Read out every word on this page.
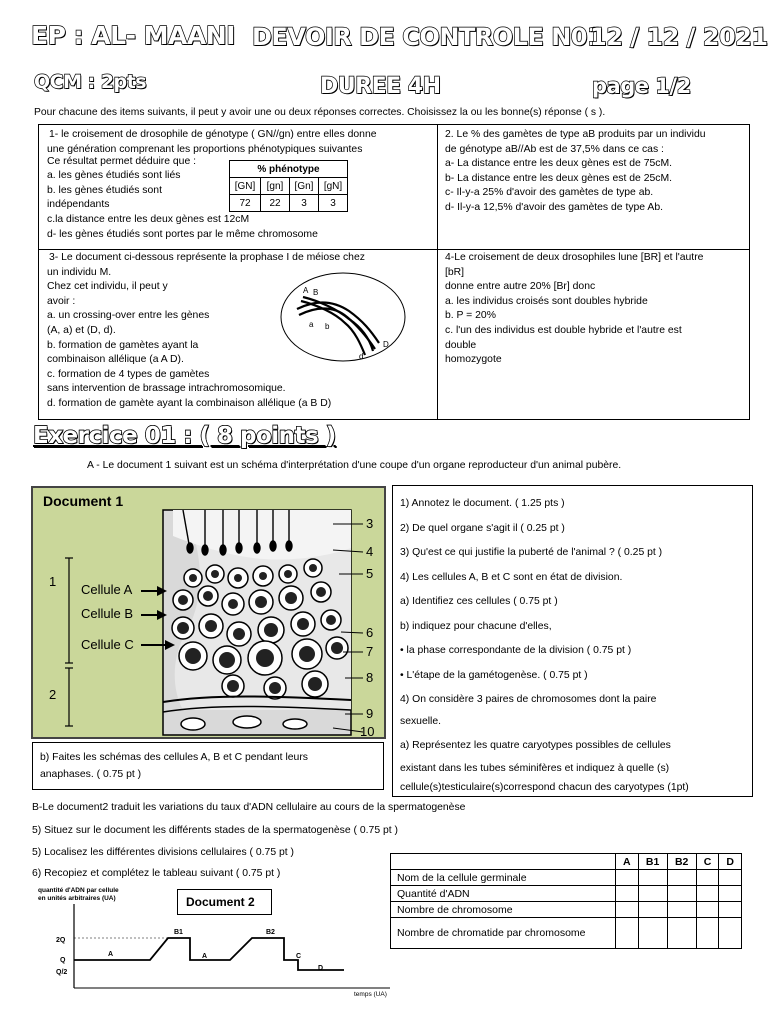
EP : AL- MAANI DEVOIR DE CONTROLE N01
12 / 12 / 2021
QCM : 2pts	DUREE 4H	page 1/2
Pour chacune des items suivants, il peut y avoir une ou deux réponses correctes. Choisissez la ou les bonne(s) réponse ( s ).
1- le croisement de drosophile de génotype ( GN//gn) entre elles donne
une génération comprenant les proportions phénotypiques suivantes
Ce résultat permet déduire que :
a. les gènes étudiés sont liés
b. les gènes étudiés sont
indépendants
c.la distance entre les deux gènes est 12cM
d- les gènes étudiés sont portes par le même chromosome
% phénotype			
[GN]	[gn]	[Gn]	[gN]
72	22	3	3
2. Le % des gamètes de type aB produits par un individu
de génotype aB//Ab est de 37,5% dans ce cas :
a- La distance entre les deux gènes est de 75cM.
b- La distance entre les deux gènes est de 25cM.
c- Il-y-a 25% d'avoir des gamètes de type ab.
d- Il-y-a 12,5% d'avoir des gamètes de type Ab.
3- Le document ci-dessous représente la prophase I de méiose chez
un individu M.
Chez cet individu, il peut y
avoir :
a. un crossing-over entre les gènes
(A, a) et (D, d).
b. formation de gamètes ayant la
combinaison allélique (a A D).
c. formation de 4 types de gamètes
sans intervention de brassage intrachromosomique.
d. formation de gamète ayant la combinaison allélique (a B D)
A B
a b
d
D
4-Le croisement de deux drosophiles lune [BR] et l'autre
[bR]
donne entre autre 20% [Br] donc
a. les individus croisés sont doubles hybride
b. P = 20%
c. l'un des individus est double hybride et l'autre est
double
homozygote
Exercice 01 : ( 8 points )
A - Le document 1 suivant est un schéma d'interprétation d'une coupe d'un organe reproducteur d'un animal pubère.
Document 1
Cellule A
Cellule B
Cellule C
1
2
3
4
5
6
7
8
9
10
1) Annotez le document. ( 1.25 pts )
2) De quel organe s'agit il ( 0.25 pt )
3) Qu'est ce qui justifie la puberté de l'animal ? ( 0.25 pt )
4) Les cellules A, B et C sont en état de division.
a) Identifiez ces cellules ( 0.75 pt )
b) indiquez pour chacune d'elles,
• la phase correspondante de la division ( 0.75 pt )
• L'étape de la gamétogenèse. ( 0.75 pt )
4) On considère 3 paires de chromosomes dont la paire
sexuelle.
a) Représentez les quatre caryotypes possibles de cellules
existant dans les tubes séminifères et indiquez à quelle (s)
cellule(s)testiculaire(s)correspond chacun des caryotypes (1pt)
b) Faites les schémas des cellules A, B et C pendant leurs
anaphases. ( 0.75 pt )
B-Le document2 traduit les variations du taux d'ADN cellulaire au cours de la spermatogenèse
5) Situez sur le document les différents stades de la spermatogenèse ( 0.75 pt )
5) Localisez les différentes divisions cellulaires ( 0.75 pt )
6) Recopiez et complétez le tableau suivant ( 0.75 pt )
quantité d'ADN par cellule
en unités arbitraires (UA)
2Q
Q
Q/2
A
B1
A
B2
C
D
temps (UA)
Document 2
	A	B1	B2	C	D
Nom de la cellule germinale					
Quantité d'ADN					
Nombre de chromosome					
Nombre de chromatide par chromosome					
